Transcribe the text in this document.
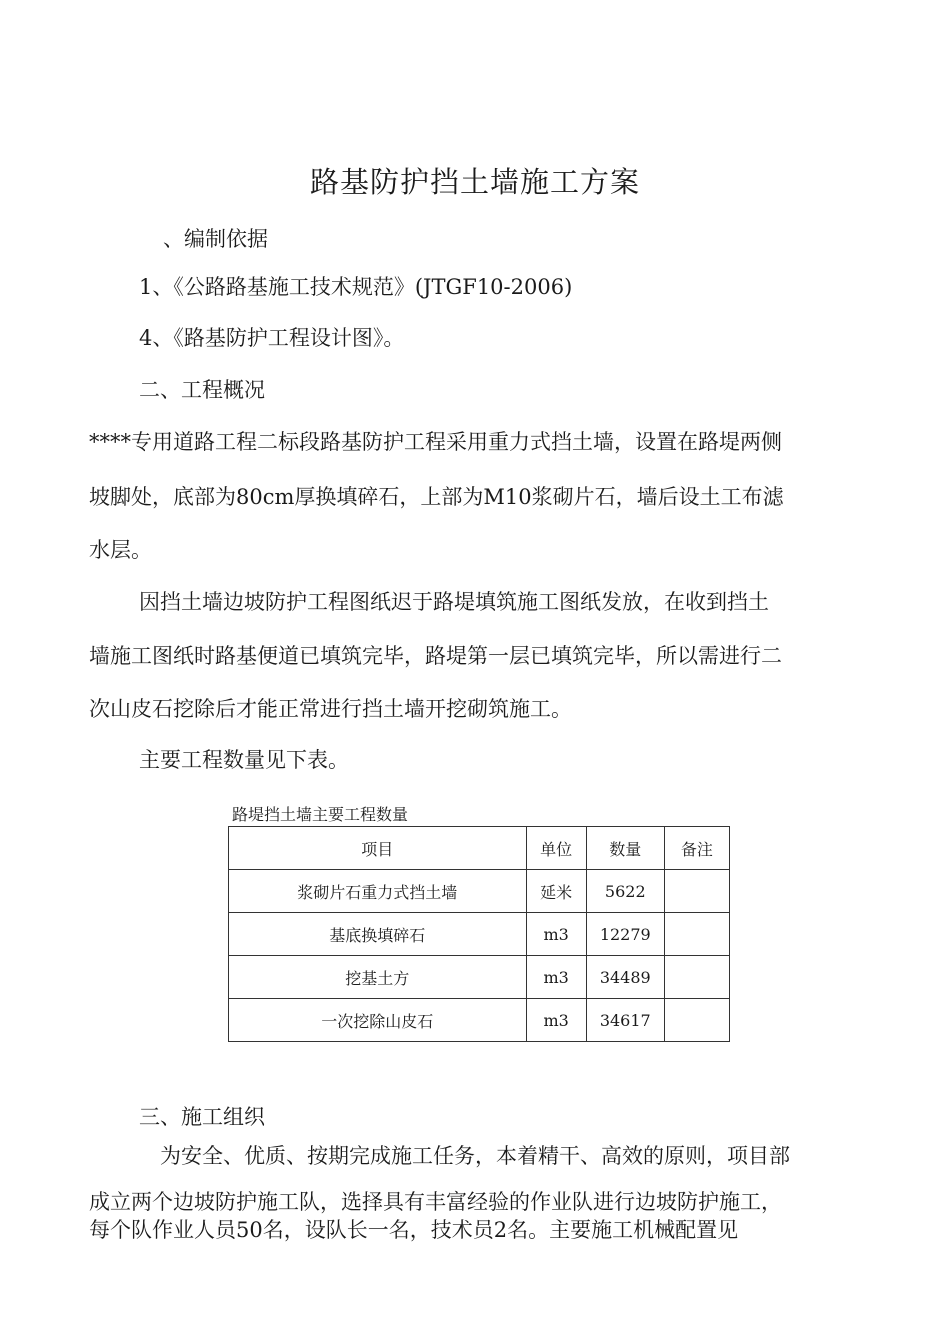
路基防护挡土墙施工方案
、编制依据
1、《公路路基施工技术规范》(JTGF10-2006)
4、《路基防护工程设计图》。
二、工程概况
****专用道路工程二标段路基防护工程采用重力式挡土墙，设置在路堤两侧
坡脚处，底部为80cm厚换填碎石，上部为M10浆砌片石，墙后设土工布滤
水层。
因挡土墙边坡防护工程图纸迟于路堤填筑施工图纸发放，在收到挡土
墙施工图纸时路基便道已填筑完毕，路堤第一层已填筑完毕，所以需进行二
次山皮石挖除后才能正常进行挡土墙开挖砌筑施工。
主要工程数量见下表。
路堤挡土墙主要工程数量
项目	单位	数量	备注
浆砌片石重力式挡土墙	延米	5622	
基底换填碎石	m3	12279	
挖基土方	m3	34489	
一次挖除山皮石	m3	34617	
三、施工组织
为安全、优质、按期完成施工任务，本着精干、高效的原则，项目部
成立两个边坡防护施工队，选择具有丰富经验的作业队进行边坡防护施工，
每个队作业人员50名，设队长一名，技术员2名。主要施工机械配置见
